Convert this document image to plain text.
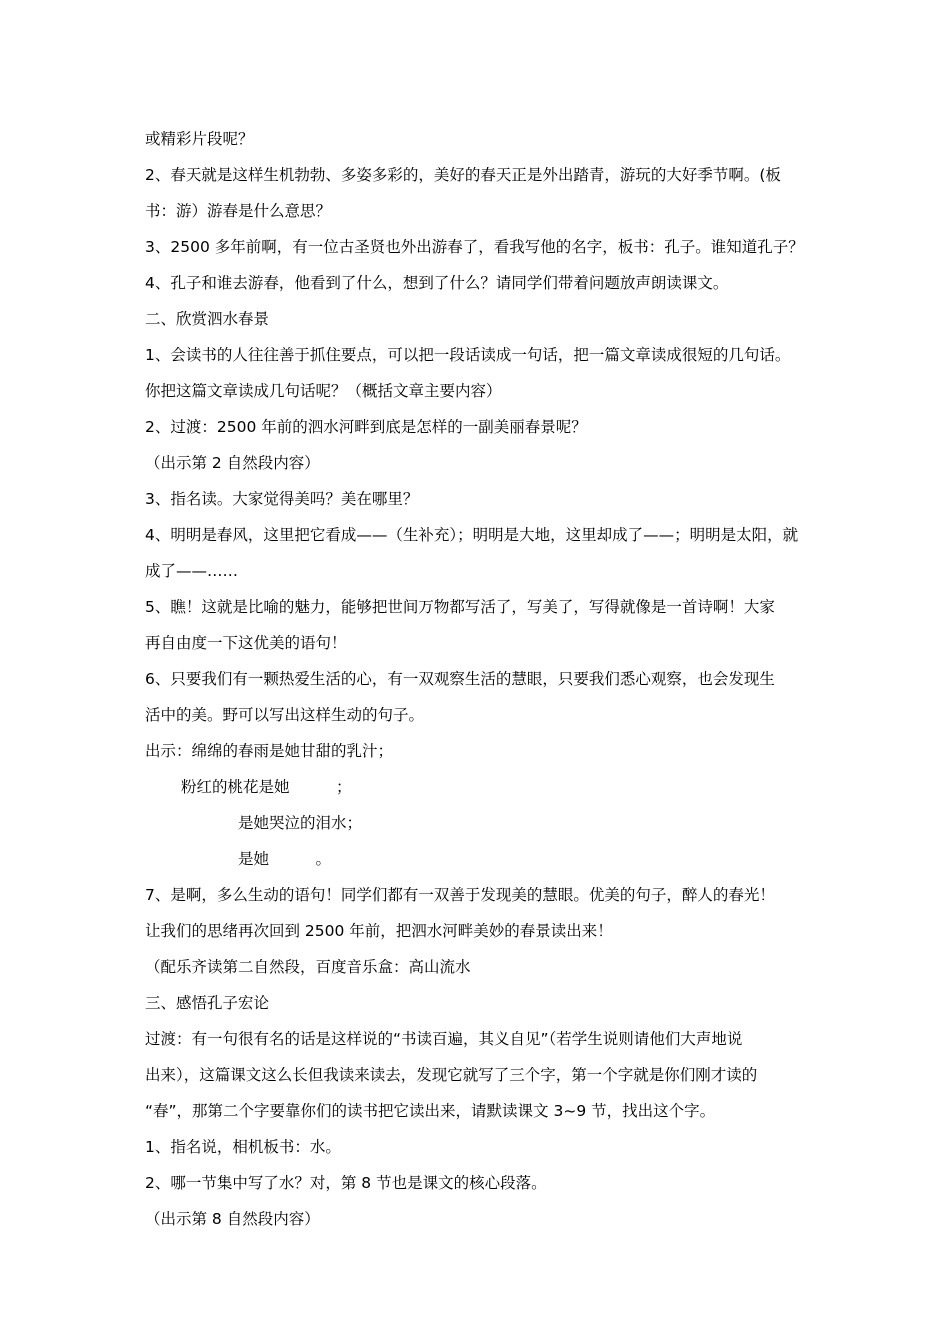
或精彩片段呢？
2、春天就是这样生机勃勃、多姿多彩的，美好的春天正是外出踏青，游玩的大好季节啊。(板
书：游）游春是什么意思？
3、2500 多年前啊，有一位古圣贤也外出游春了，看我写他的名字，板书：孔子。谁知道孔子？
4、孔子和谁去游春，他看到了什么，想到了什么？请同学们带着问题放声朗读课文。
二、欣赏泗水春景
1、会读书的人往往善于抓住要点，可以把一段话读成一句话，把一篇文章读成很短的几句话。
你把这篇文章读成几句话呢？（概括文章主要内容）
2、过渡：2500 年前的泗水河畔到底是怎样的一副美丽春景呢？
（出示第 2 自然段内容）
3、指名读。大家觉得美吗？美在哪里？
4、明明是春风，这里把它看成——（生补充）；明明是大地，这里却成了——；明明是太阳，就
成了——……
5、瞧！这就是比喻的魅力，能够把世间万物都写活了，写美了，写得就像是一首诗啊！大家
再自由度一下这优美的语句！
6、只要我们有一颗热爱生活的心，有一双观察生活的慧眼，只要我们悉心观察，也会发现生
活中的美。野可以写出这样生动的句子。
出示：绵绵的春雨是她甘甜的乳汁；
粉红的桃花是她　　　；
是她哭泣的泪水；
是她　　　。
7、是啊，多么生动的语句！同学们都有一双善于发现美的慧眼。优美的句子，醉人的春光！
让我们的思绪再次回到 2500 年前，把泗水河畔美妙的春景读出来！
（配乐齐读第二自然段，百度音乐盒：高山流水
三、感悟孔子宏论
过渡：有一句很有名的话是这样说的“书读百遍，其义自见”（若学生说则请他们大声地说
出来），这篇课文这么长但我读来读去，发现它就写了三个字，第一个字就是你们刚才读的
“春”，那第二个字要靠你们的读书把它读出来，请默读课文 3~9 节，找出这个字。
1、指名说，相机板书：水。
2、哪一节集中写了水？对，第 8 节也是课文的核心段落。
（出示第 8 自然段内容）
